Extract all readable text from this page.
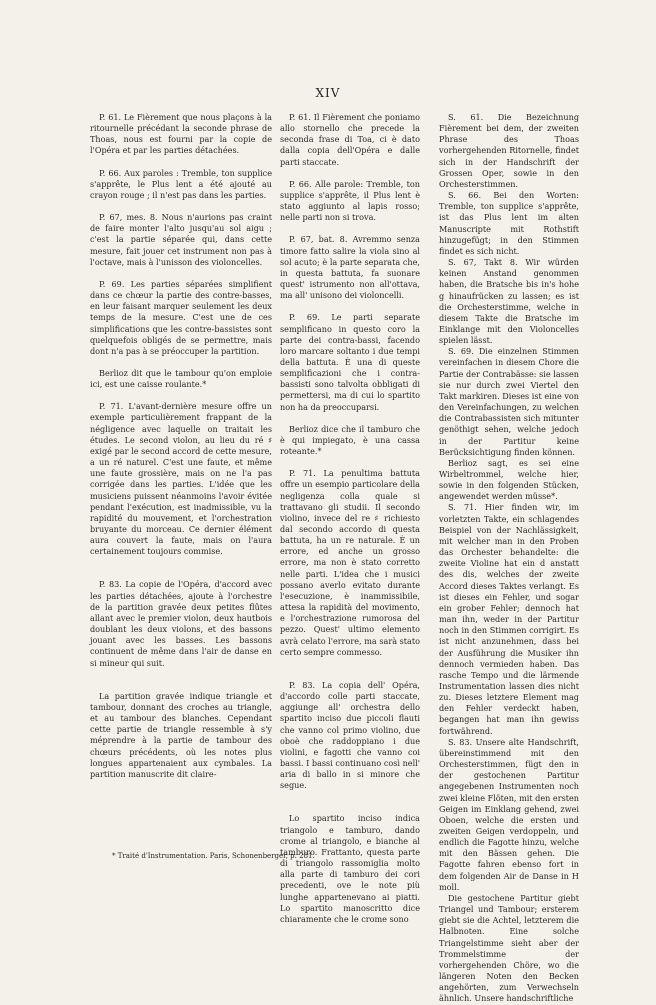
XIV

P. 61. Le Fièrement que nous plaçons à la ritournelle précédant la seconde phrase de Thoas, nous est fourni par la copie de l'Opéra et par les parties détachées.

P. 66. Aux paroles : Tremble, ton supplice s'apprête, le Plus lent a été ajouté au crayon rouge ; il n'est pas dans les parties.

P. 67, mes. 8. Nous n'aurions pas craint de faire monter l'alto jusqu'au sol aigu ; c'est la partie séparée qui, dans cette mesure, fait jouer cet instrument non pas à l'octave, mais à l'unisson des violoncelles.

P. 69. Les parties séparées simplifient dans ce chœur la partie des contre-basses, en leur faisant marquer seulement les deux temps de la mesure. C'est une de ces simplifications que les contre-bassistes sont quelquefois obligés de se permettre, mais dont n'a pas à se préoccuper la partition.

Berlioz dit que le tambour qu'on emploie ici, est une caisse roulante.*

P. 71. L'avant-dernière mesure offre un exemple particulièrement frappant de la négligence avec laquelle on traitait les études. Le second violon, au lieu du ré ♯ exigé par le second accord de cette mesure, a un ré naturel. C'est une faute, et même une faute grossière, mais on ne l'a pas corrigée dans les parties. L'idée que les musiciens puissent néanmoins l'avoir évitée pendant l'exécution, est inadmissible, vu la rapidité du mouvement, et l'orchestration bruyante du morceau. Ce dernier élément aura couvert la faute, mais on l'aura certainement toujours commise.

P. 83. La copie de l'Opéra, d'accord avec les parties détachées, ajoute à l'orchestre de la partition gravée deux petites flûtes allant avec le premier violon, deux hautbois doublant les deux violons, et des bassons jouant avec les basses. Les bassons continuent de même dans l'air de danse en si mineur qui suit.

La partition gravée indique triangle et tambour, donnant des croches au triangle, et au tambour des blanches. Cependant cette partie de triangle ressemble à s'y méprendre à la partie de tambour des chœurs précédents, où les notes plus longues appartenaient aux cymbales. La partition manuscrite dit claire-

P. 61. Il Fièrement che poniamo allo stornello che precede la seconda frase di Toa, ci è dato dalla copia dell'Opéra e dalle parti staccate.

P. 66. Alle parole: Tremble, ton supplice s'apprête, il Plus lent è stato aggiunto al lapis rosso; nelle parti non si trova.

P. 67, bat. 8. Avremmo senza timore fatto salire la viola sino al sol acuto; è la parte separata che, in questa battuta, fa suonare quest' istrumento non all'ottava, ma all' unisono dei violoncelli.

P. 69. Le parti separate semplificano in questo coro la parte dei contra-bassi, facendo loro marcare soltanto i due tempi della battuta. È una di queste semplificazioni che i contra-bassisti sono talvolta obbligati di permettersi, ma di cui lo spartito non ha da preoccuparsi.

Berlioz dice che il tamburo che è qui impiegato, è una cassa roteante.*

P. 71. La penultima battuta offre un esempio particolare della negligenza colla quale si trattavano gli studii. Il secondo violino, invece del re ♯ richiesto dal secondo accordo di questa battuta, ha un re naturale. È un errore, ed anche un grosso errore, ma non è stato corretto nelle parti. L'idea che i musici possano averlo evitato durante l'esecuzione, è inammissibile, attesa la rapidità del movimento, e l'orchestrazione rumorosa del pezzo. Quest' ultimo elemento avrà celato l'errore, ma sarà stato certo sempre commesso.

P. 83. La copia dell' Opéra, d'accordo colle parti staccate, aggiunge all' orchestra dello spartito inciso due piccoli flauti che vanno col primo violino, due oboè che raddoppiano i due violini, e fagotti che vanno coi bassi. I bassi continuano così nell' aria di ballo in si minore che segue.

Lo spartito inciso indica triangolo e tamburo, dando crome al triangolo, e bianche al tamburo. Frattanto, questa parte di triangolo rassomiglia molto alla parte di tamburo dei cori precedenti, ove le note più lunghe appartenevano ai piatti. Lo spartito manoscritto dice chiaramente che le crome sono

S. 61. Die Bezeichnung Fièrement bei dem, der zweiten Phrase des Thoas vorhergehenden Ritornelle, findet sich in der Handschrift der Grossen Oper, sowie in den Orchesterstimmen.

S. 66. Bei den Worten: Tremble, ton supplice s'apprête, ist das Plus lent im alten Manuscripte mit Rothstift hinzugefügt; in den Stimmen findet es sich nicht.

S. 67, Takt 8. Wir würden keinen Anstand genommen haben, die Bratsche bis in's hohe g hinaufrücken zu lassen; es ist die Orchesterstimme, welche in diesem Takte die Bratsche im Einklange mit den Violoncelles spielen lässt.

S. 69. Die einzelnen Stimmen vereinfachen in diesem Chore die Partie der Contrabässe: sie lassen sie nur durch zwei Viertel den Takt markiren. Dieses ist eine von den Vereinfachungen, zu welchen die Contrabassisten sich mitunter genöthigt sehen, welche jedoch in der Partitur keine Berücksichtigung finden können.

Berlioz sagt, es sei eine Wirbeltrommel, welche hier, sowie in den folgenden Stücken, angewendet werden müsse*.

S. 71. Hier finden wir, im vorletzten Takte, ein schlagendes Beispiel von der Nachlässigkeit, mit welcher man in den Proben das Orchester behandelte: die zweite Violine hat ein d anstatt des dis, welches der zweite Accord dieses Taktes verlangt. Es ist dieses ein Fehler, und sogar ein grober Fehler; dennoch hat man ihn, weder in der Partitur noch in den Stimmen corrigirt. Es ist nicht anzunehmen, dass bei der Ausführung die Musiker ihn dennoch vermieden haben. Das rasche Tempo und die lärmende Instrumentation lassen dies nicht zu. Dieses letztere Element mag den Fehler verdeckt haben, begangen hat man ihn gewiss fortwährend.

S. 83. Unsere alte Handschrift, übereinstimmend mit den Orchesterstimmen, fügt den in der gestochenen Partitur angegebenen Instrumenten noch zwei kleine Flöten, mit den ersten Geigen im Einklang gehend, zwei Oboen, welche die ersten und zweiten Geigen verdoppeln, und endlich die Fagotte hinzu, welche mit den Bässen gehen. Die Fagotte fahren ebenso fort in dem folgenden Air de Danse in H moll.

Die gestochene Partitur giebt Triangel und Tambour; ersterem giebt sie die Achtel, letzterem die Halbnoten. Eine solche Triangelstimme sieht aber der Trommelstimme der vorhergehenden Chöre, wo die längeren Noten den Becken angehörten, zum Verwechseln ähnlich. Unsere handschriftliche

* Traité d'Instrumentation. Paris, Schonenberger, p. 281.
